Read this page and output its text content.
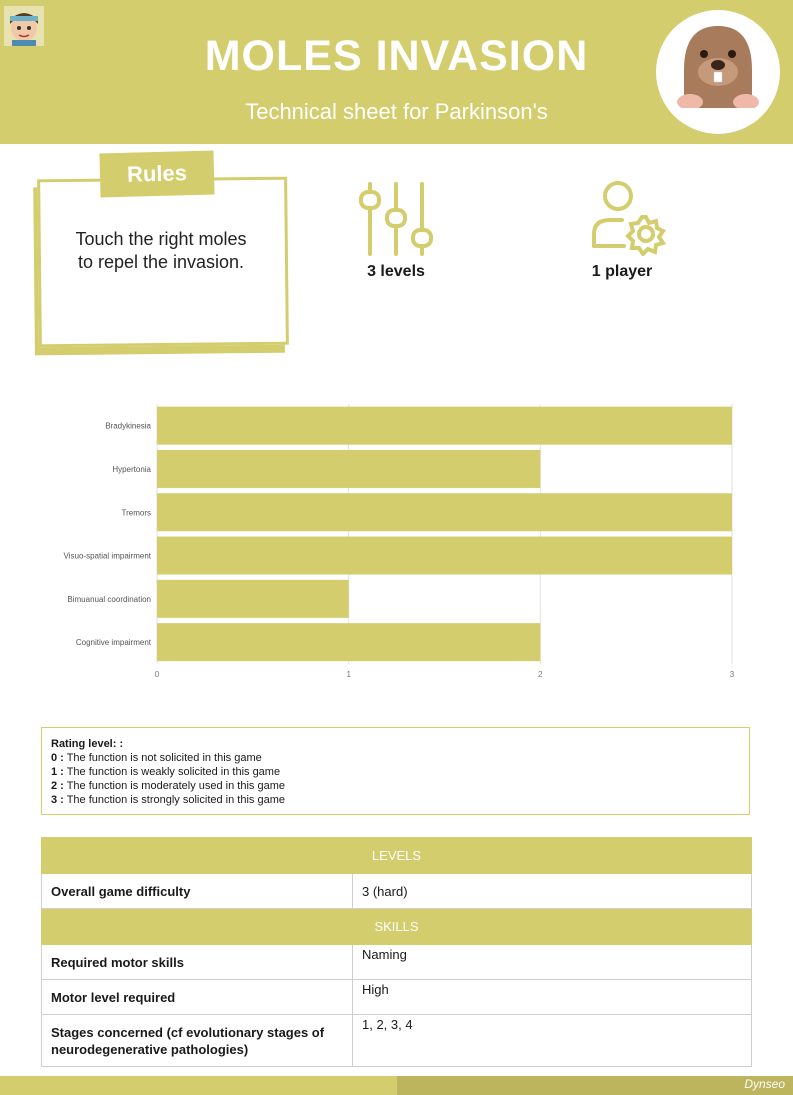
MOLES INVASION
Technical sheet for Parkinson's
Rules
Touch the right moles
to repel the invasion.	3 levels	1 player
0	1	2	3
Bradykinesia
Hypertonia
Tremors
Visuo-spatial impairment
Bimuanual coordination
Cognitive impairment
Rating level: :
0 : The function is not solicited in this game
1 : The function is weakly solicited in this game
2 : The function is moderately used in this game
3 : The function is strongly solicited in this game
LEVELS	
Overall game difficulty	3 (hard)
SKILLS	
Required motor skills	Naming
Motor level required	High
Stages concerned (cf evolutionary stages of neurodegenerative pathologies)	1, 2, 3, 4
Dynseo
